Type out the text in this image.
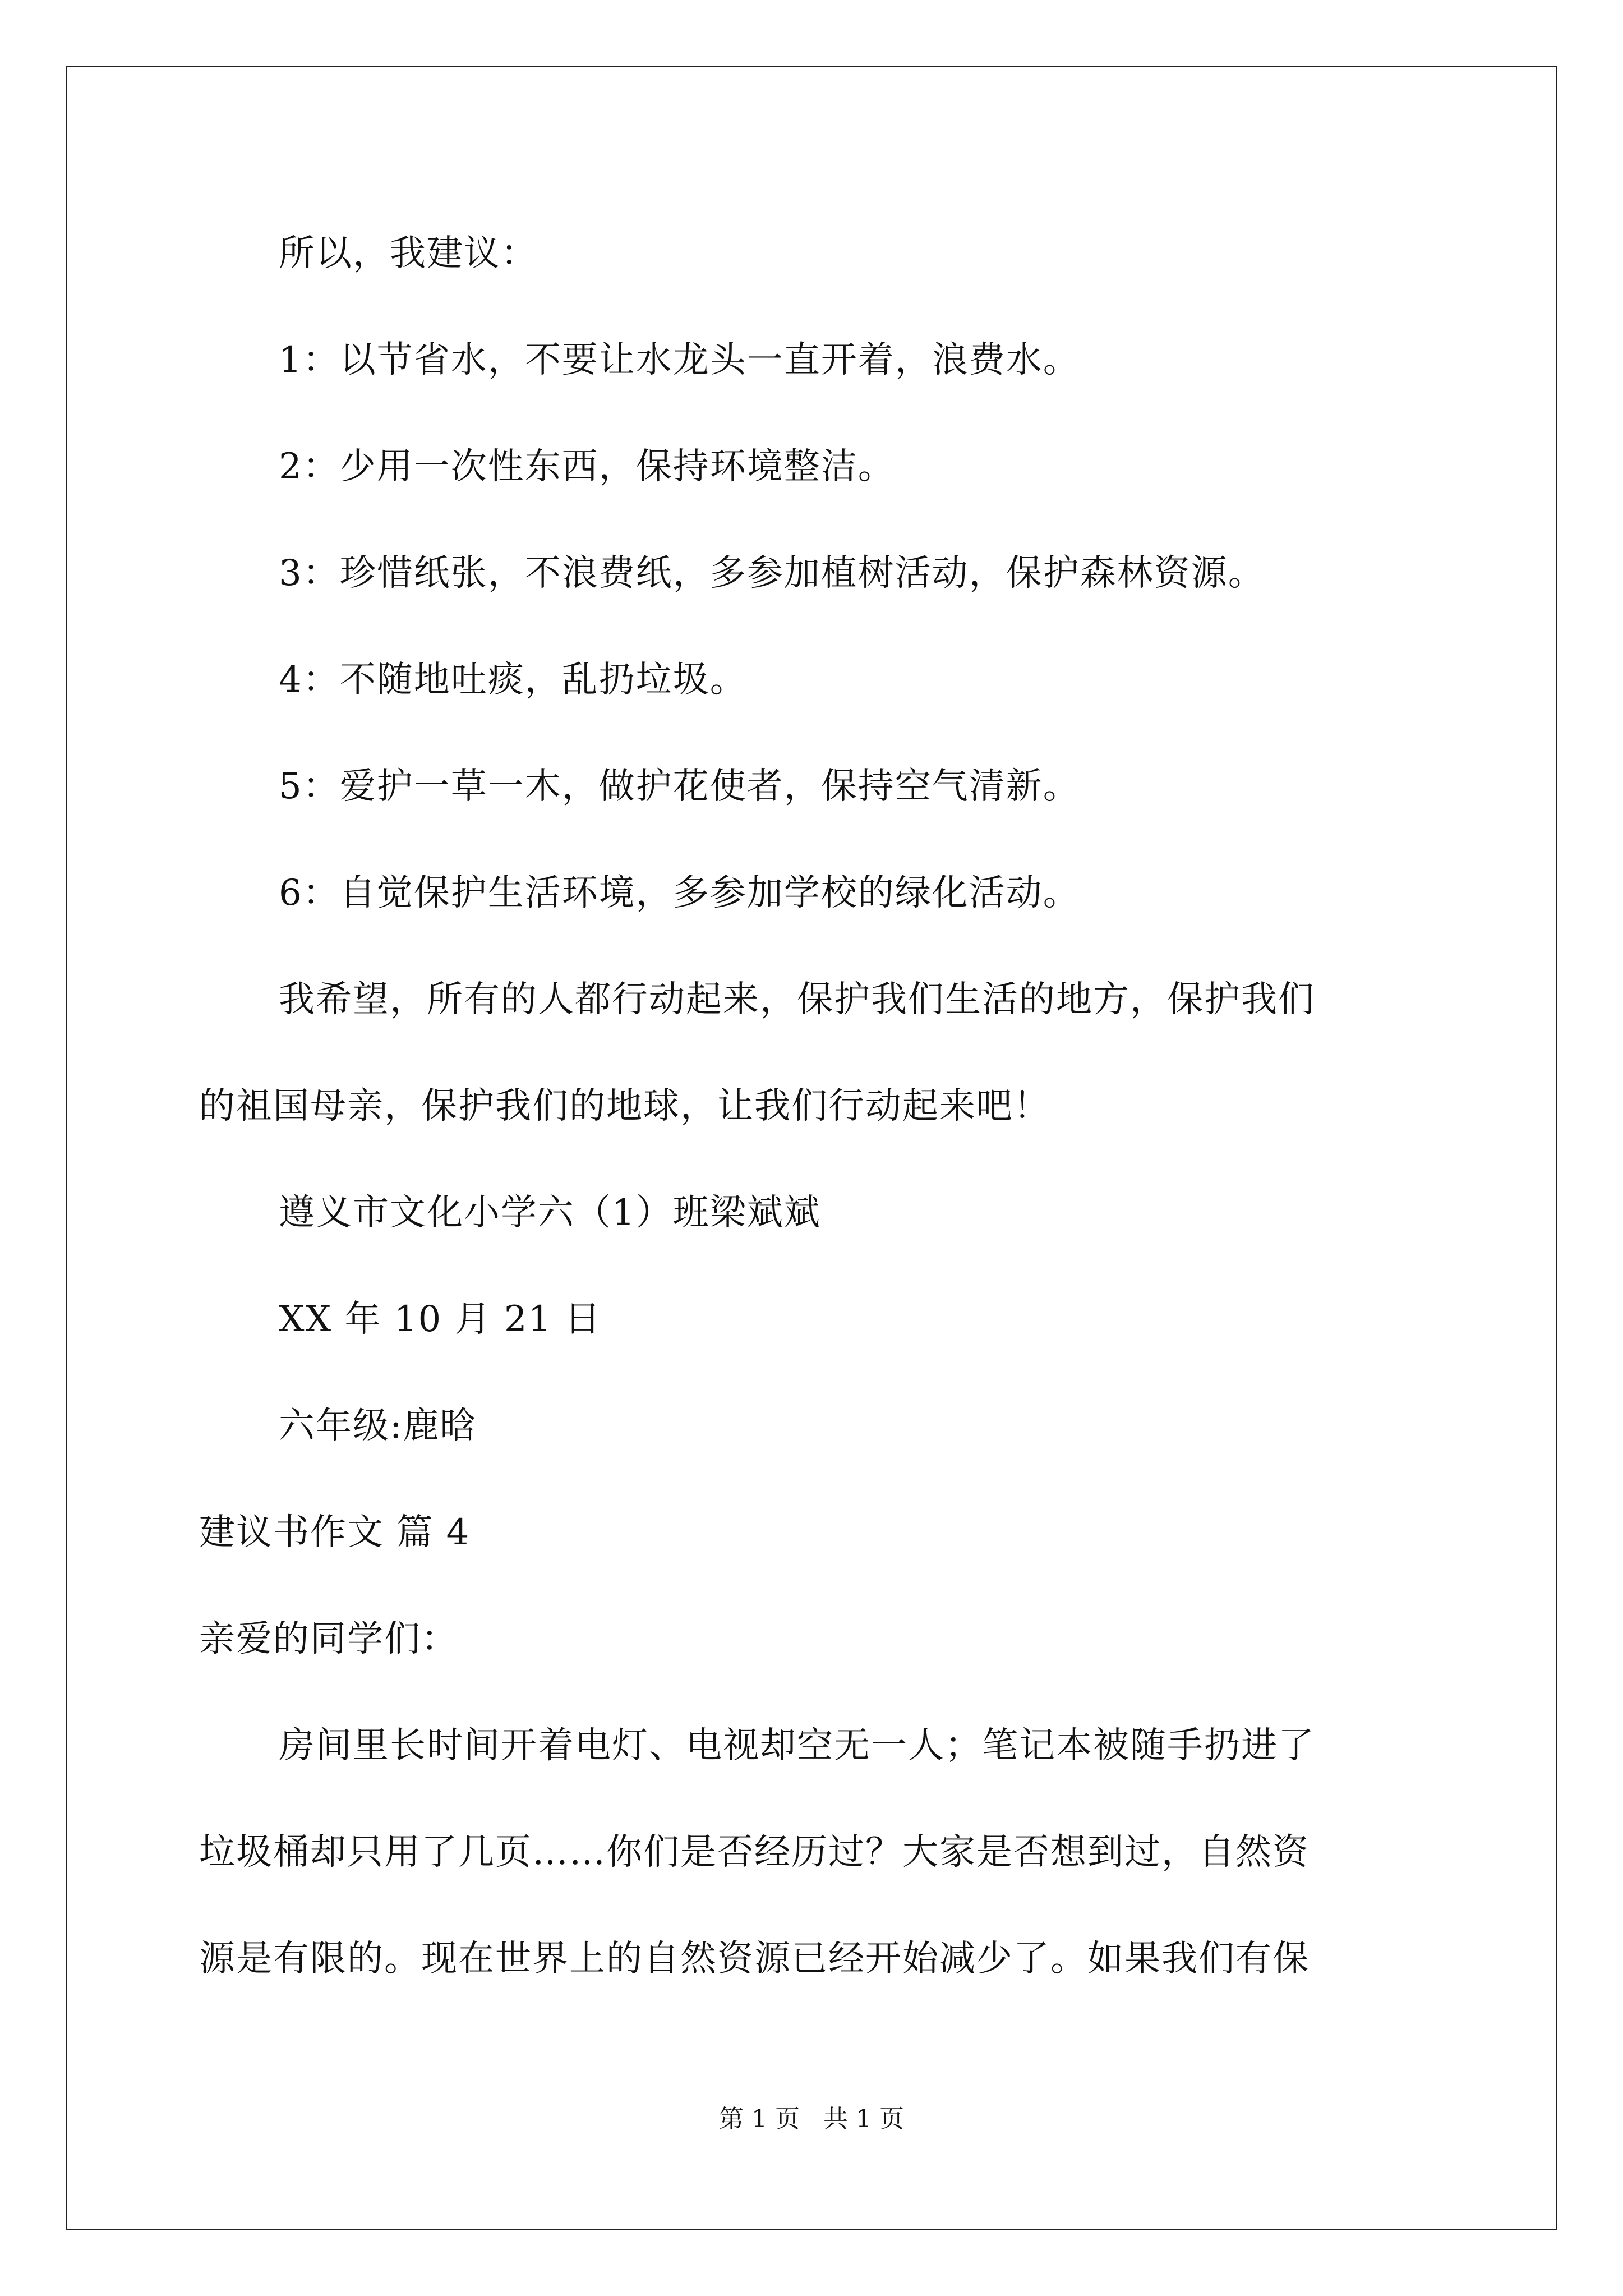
所以，我建议：
1：以节省水，不要让水龙头一直开着，浪费水。
2：少用一次性东西，保持环境整洁。
3：珍惜纸张，不浪费纸，多参加植树活动，保护森林资源。
4：不随地吐痰，乱扔垃圾。
5：爱护一草一木，做护花使者，保持空气清新。
6：自觉保护生活环境，多参加学校的绿化活动。
我希望，所有的人都行动起来，保护我们生活的地方，保护我们
的祖国母亲，保护我们的地球，让我们行动起来吧！
遵义市文化小学六（1）班梁斌斌
XX 年 10 月 21 日
六年级:鹿晗
建议书作文 篇 4
亲爱的同学们：
房间里长时间开着电灯、电视却空无一人；笔记本被随手扔进了
垃圾桶却只用了几页……你们是否经历过？大家是否想到过，自然资
源是有限的。现在世界上的自然资源已经开始减少了。如果我们有保
第 1 页   共 1 页
